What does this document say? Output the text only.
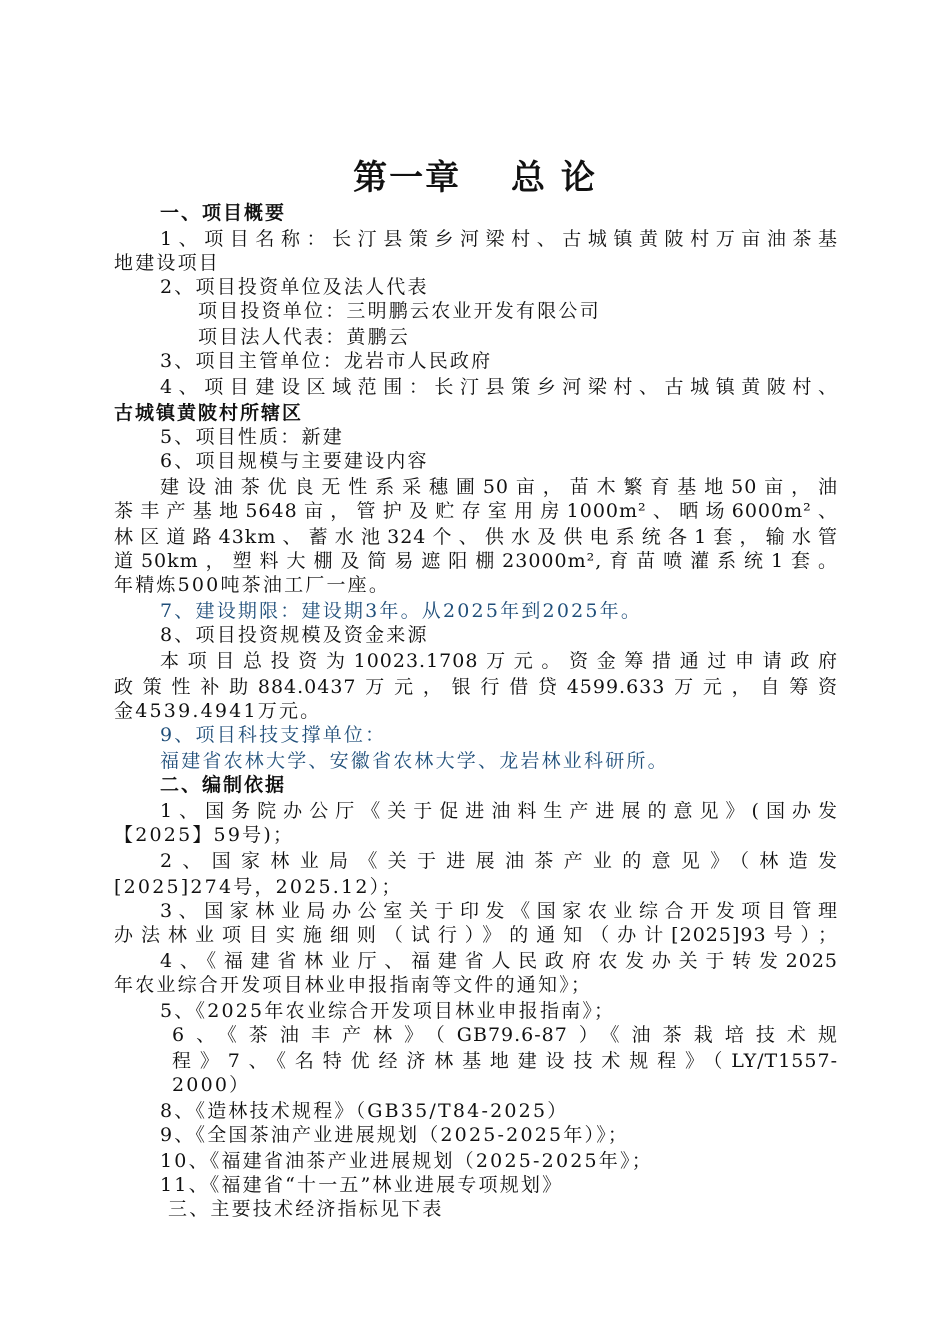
第一章　 总 论
一、项目概要
1、项目名称：长汀县策乡河梁村、古城镇黄陂村万亩油茶基
地建设项目
2、项目投资单位及法人代表
项目投资单位：三明鹏云农业开发有限公司
项目法人代表：黄鹏云
3、项目主管单位：龙岩市人民政府
4、项目建设区域范围：长汀县策乡河梁村、古城镇黄陂村、
古城镇黄陂村所辖区
5、项目性质：新建
6、项目规模与主要建设内容
建设油茶优良无性系采穗圃50亩，苗木繁育基地50亩，油
茶丰产基地5648亩，管护及贮存室用房1000m²、晒场6000m²、
林区道路43km、蓄水池324个、供水及供电系统各1套，输水管
道50km，塑料大棚及简易遮阳棚23000m²,育苗喷灌系统1套。
年精炼500吨茶油工厂一座。
7、建设期限：建设期3年。从2025年到2025年。
8、项目投资规模及资金来源
本项目总投资为10023.1708万元。资金筹措通过申请政府
政策性补助884.0437万元，银行借贷4599.633万元，自筹资
金4539.4941万元。
9、项目科技支撑单位：
福建省农林大学、安徽省农林大学、龙岩林业科研所。
二、编制依据
1、国务院办公厅《关于促进油料生产进展的意见》(国办发
【2025】59号)；
2、国家林业局《关于进展油茶产业的意见》（林造发
[2025]274号，2025.12）；
3、国家林业局办公室关于印发《国家农业综合开发项目管理
办法林业项目实施细则（试行）》的通知（办计[2025]93号）；
4、《福建省林业厅、福建省人民政府农发办关于转发2025
年农业综合开发项目林业申报指南等文件的通知》；
5、《2025年农业综合开发项目林业申报指南》；
6、《茶油丰产林》（GB79.6-87）《油茶栽培技术规
程》7、《名特优经济林基地建设技术规程》（LY/T1557-
2000）
8、《造林技术规程》（GB35/T84-2025）
9、《全国茶油产业进展规划（2025-2025年）》；
10、《福建省油茶产业进展规划（2025-2025年》；
11、《福建省“十一五”林业进展专项规划》
三、主要技术经济指标见下表
